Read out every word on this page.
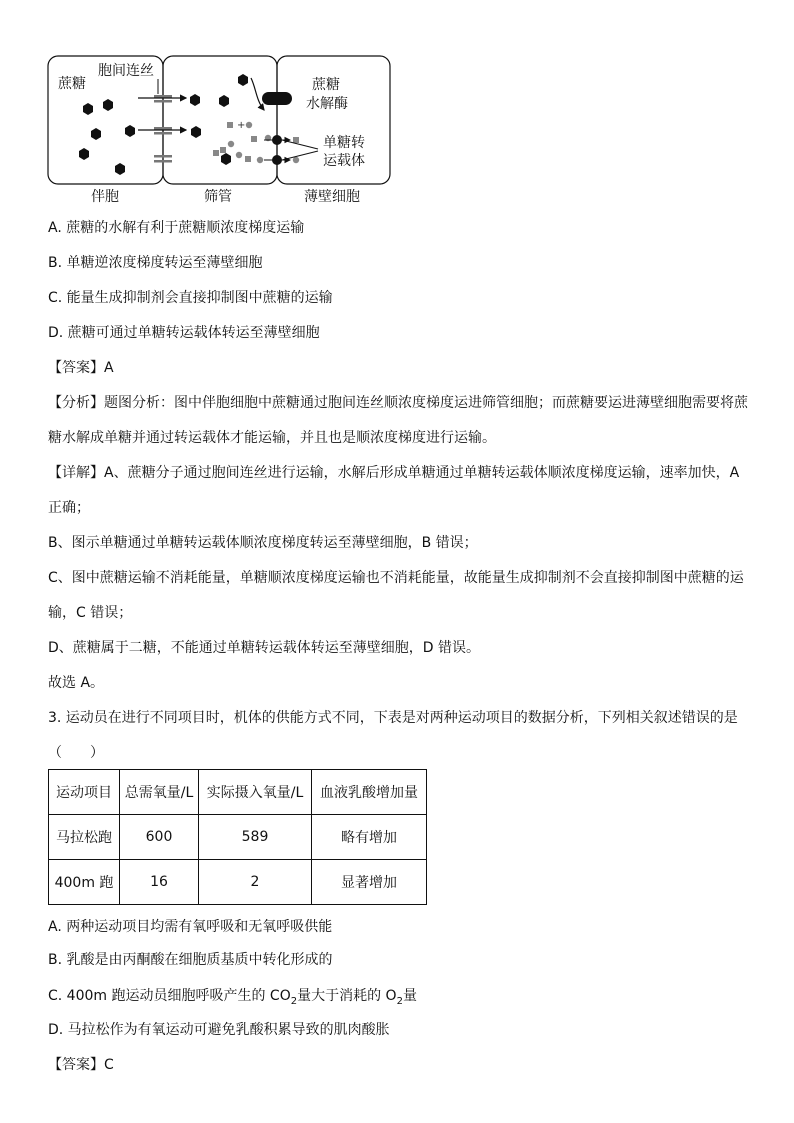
+
蔗糖
胞间连丝
蔗糖
水解酶
单糖转
运载体
伴胞	筛管	薄壁细胞
A. 蔗糖的水解有利于蔗糖顺浓度梯度运输
B. 单糖逆浓度梯度转运至薄壁细胞
C. 能量生成抑制剂会直接抑制图中蔗糖的运输
D. 蔗糖可通过单糖转运载体转运至薄壁细胞
【答案】A
【分析】题图分析：图中伴胞细胞中蔗糖通过胞间连丝顺浓度梯度运进筛管细胞；而蔗糖要运进薄壁细胞需要将蔗
糖水解成单糖并通过转运载体才能运输，并且也是顺浓度梯度进行运输。
【详解】A、蔗糖分子通过胞间连丝进行运输，水解后形成单糖通过单糖转运载体顺浓度梯度运输，速率加快，A
正确；
B、图示单糖通过单糖转运载体顺浓度梯度转运至薄壁细胞，B 错误；
C、图中蔗糖运输不消耗能量，单糖顺浓度梯度运输也不消耗能量，故能量生成抑制剂不会直接抑制图中蔗糖的运
输，C 错误；
D、蔗糖属于二糖，不能通过单糖转运载体转运至薄壁细胞，D 错误。
故选 A。
3. 运动员在进行不同项目时，机体的供能方式不同，下表是对两种运动项目的数据分析，下列相关叙述错误的是
（　　）
运动项目	总需氧量/L	实际摄入氧量/L	血液乳酸增加量
马拉松跑	600	589	略有增加
400m 跑	16	2	显著增加
A. 两种运动项目均需有氧呼吸和无氧呼吸供能
B. 乳酸是由丙酮酸在细胞质基质中转化形成的
C. 400m 跑运动员细胞呼吸产生的 $CO_2$量大于消耗的 $O_2$量
D. 马拉松作为有氧运动可避免乳酸积累导致的肌肉酸胀
【答案】C
